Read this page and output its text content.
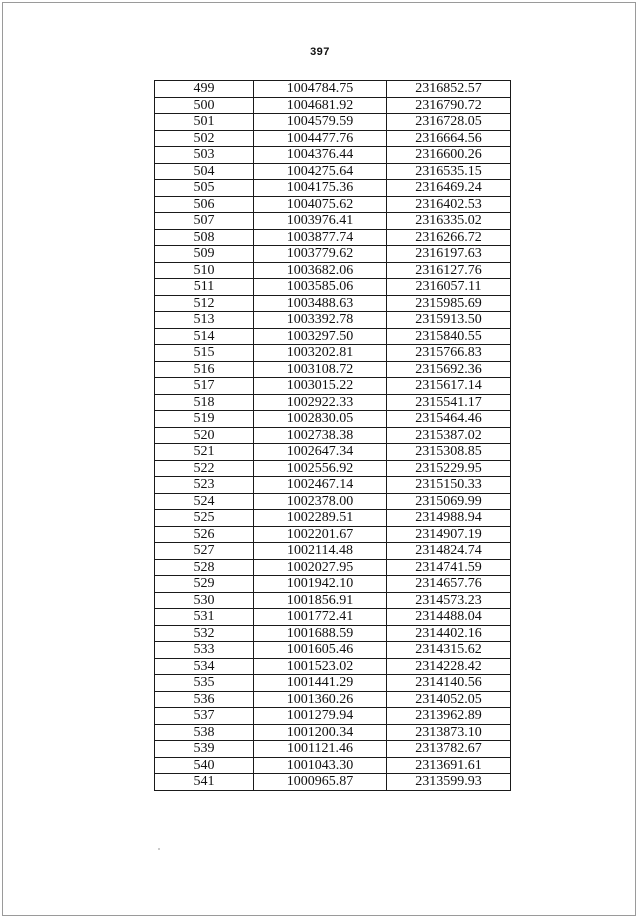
397
499	1004784.75	2316852.57
500	1004681.92	2316790.72
501	1004579.59	2316728.05
502	1004477.76	2316664.56
503	1004376.44	2316600.26
504	1004275.64	2316535.15
505	1004175.36	2316469.24
506	1004075.62	2316402.53
507	1003976.41	2316335.02
508	1003877.74	2316266.72
509	1003779.62	2316197.63
510	1003682.06	2316127.76
511	1003585.06	2316057.11
512	1003488.63	2315985.69
513	1003392.78	2315913.50
514	1003297.50	2315840.55
515	1003202.81	2315766.83
516	1003108.72	2315692.36
517	1003015.22	2315617.14
518	1002922.33	2315541.17
519	1002830.05	2315464.46
520	1002738.38	2315387.02
521	1002647.34	2315308.85
522	1002556.92	2315229.95
523	1002467.14	2315150.33
524	1002378.00	2315069.99
525	1002289.51	2314988.94
526	1002201.67	2314907.19
527	1002114.48	2314824.74
528	1002027.95	2314741.59
529	1001942.10	2314657.76
530	1001856.91	2314573.23
531	1001772.41	2314488.04
532	1001688.59	2314402.16
533	1001605.46	2314315.62
534	1001523.02	2314228.42
535	1001441.29	2314140.56
536	1001360.26	2314052.05
537	1001279.94	2313962.89
538	1001200.34	2313873.10
539	1001121.46	2313782.67
540	1001043.30	2313691.61
541	1000965.87	2313599.93
